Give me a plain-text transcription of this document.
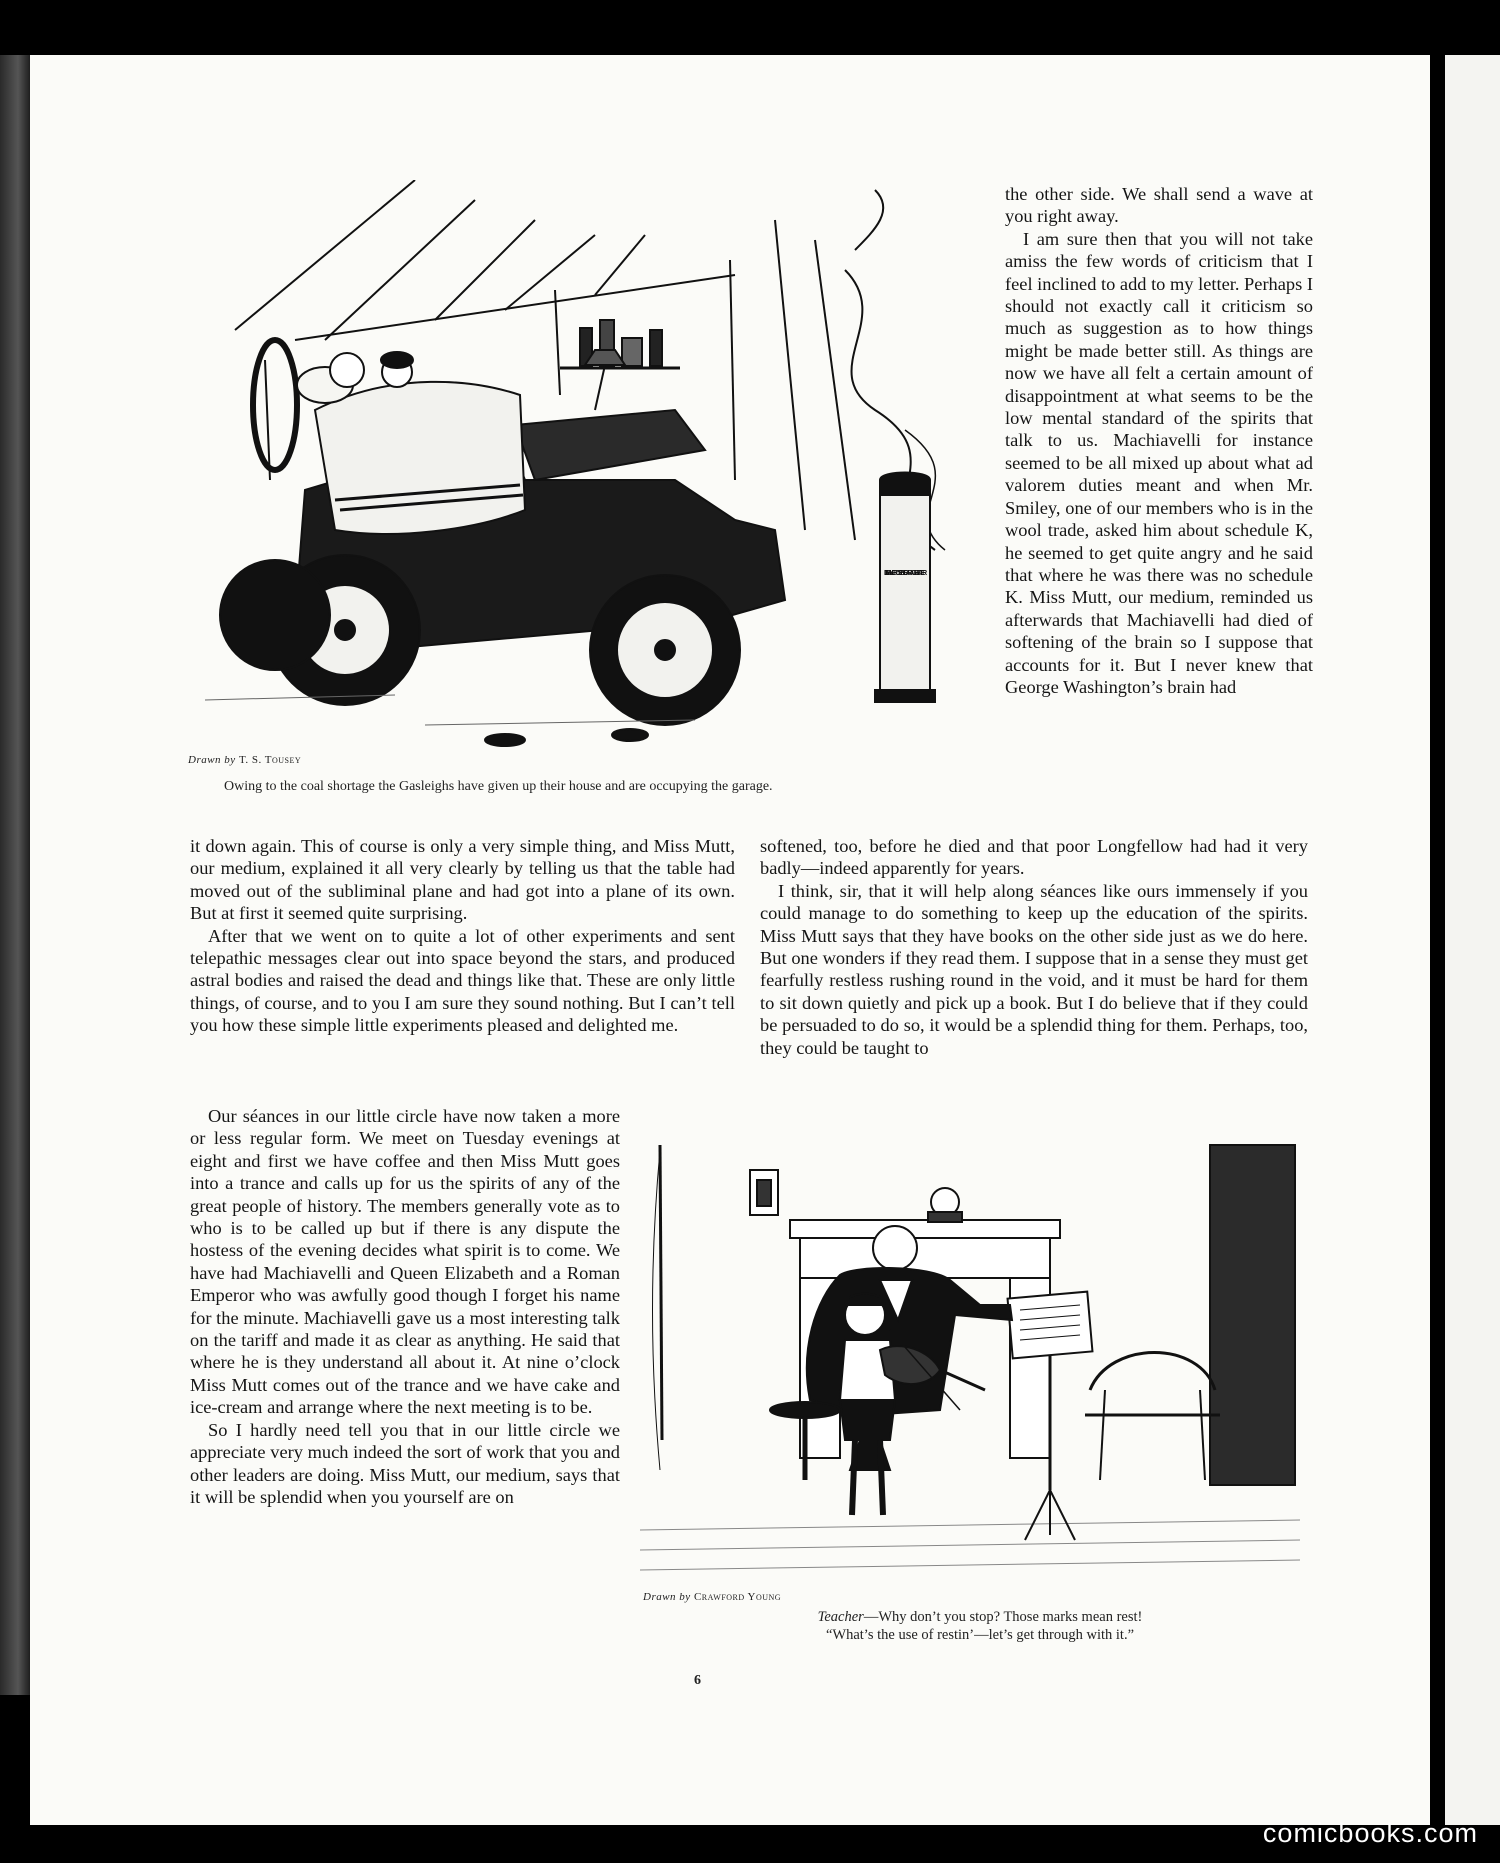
IDEAL KEROSENE GARAGE HEATER
Drawn by T. S. Tousey
Owing to the coal shortage the Gasleighs have given up their house and are occupying the garage.

the other side. We shall send a wave at you right away.

I am sure then that you will not take amiss the few words of criticism that I feel inclined to add to my letter. Perhaps I should not exactly call it criticism so much as suggestion as to how things might be made better still. As things are now we have all felt a certain amount of disappointment at what seems to be the low mental standard of the spirits that talk to us. Machiavelli for instance seemed to be all mixed up about what ad valorem duties meant and when Mr. Smiley, one of our members who is in the wool trade, asked him about schedule K, he seemed to get quite angry and he said that where he was there was no schedule K. Miss Mutt, our medium, reminded us afterwards that Machiavelli had died of softening of the brain so I suppose that accounts for it. But I never knew that George Washington’s brain had

it down again. This of course is only a very simple thing, and Miss Mutt, our medium, explained it all very clearly by telling us that the table had moved out of the subliminal plane and had got into a plane of its own. But at first it seemed quite surprising.

After that we went on to quite a lot of other experiments and sent telepathic messages clear out into space beyond the stars, and produced astral bodies and raised the dead and things like that. These are only little things, of course, and to you I am sure they sound nothing. But I can’t tell you how these simple little experiments pleased and delighted me.

softened, too, before he died and that poor Longfellow had had it very badly—indeed apparently for years.

I think, sir, that it will help along séances like ours immensely if you could manage to do something to keep up the education of the spirits. Miss Mutt says that they have books on the other side just as we do here. But one wonders if they read them. I suppose that in a sense they must get fearfully restless rushing round in the void, and it must be hard for them to sit down quietly and pick up a book. But I do believe that if they could be persuaded to do so, it would be a splendid thing for them. Perhaps, too, they could be taught to

Our séances in our little circle have now taken a more or less regular form. We meet on Tuesday evenings at eight and first we have coffee and then Miss Mutt goes into a trance and calls up for us the spirits of any of the great people of history. The members generally vote as to who is to be called up but if there is any dispute the hostess of the evening decides what spirit is to come. We have had Machiavelli and Queen Elizabeth and a Roman Emperor who was awfully good though I forget his name for the minute. Machiavelli gave us a most interesting talk on the tariff and made it as clear as anything. He said that where he is they understand all about it. At nine o’clock Miss Mutt comes out of the trance and we have cake and ice-cream and arrange where the next meeting is to be.

So I hardly need tell you that in our little circle we appreciate very much indeed the sort of work that you and other leaders are doing. Miss Mutt, our medium, says that it will be splendid when you yourself are on

Drawn by Crawford Young
Teacher—Why don’t you stop? Those marks mean rest!
“What’s the use of restin’—let’s get through with it.”
6
comicbooks.com
